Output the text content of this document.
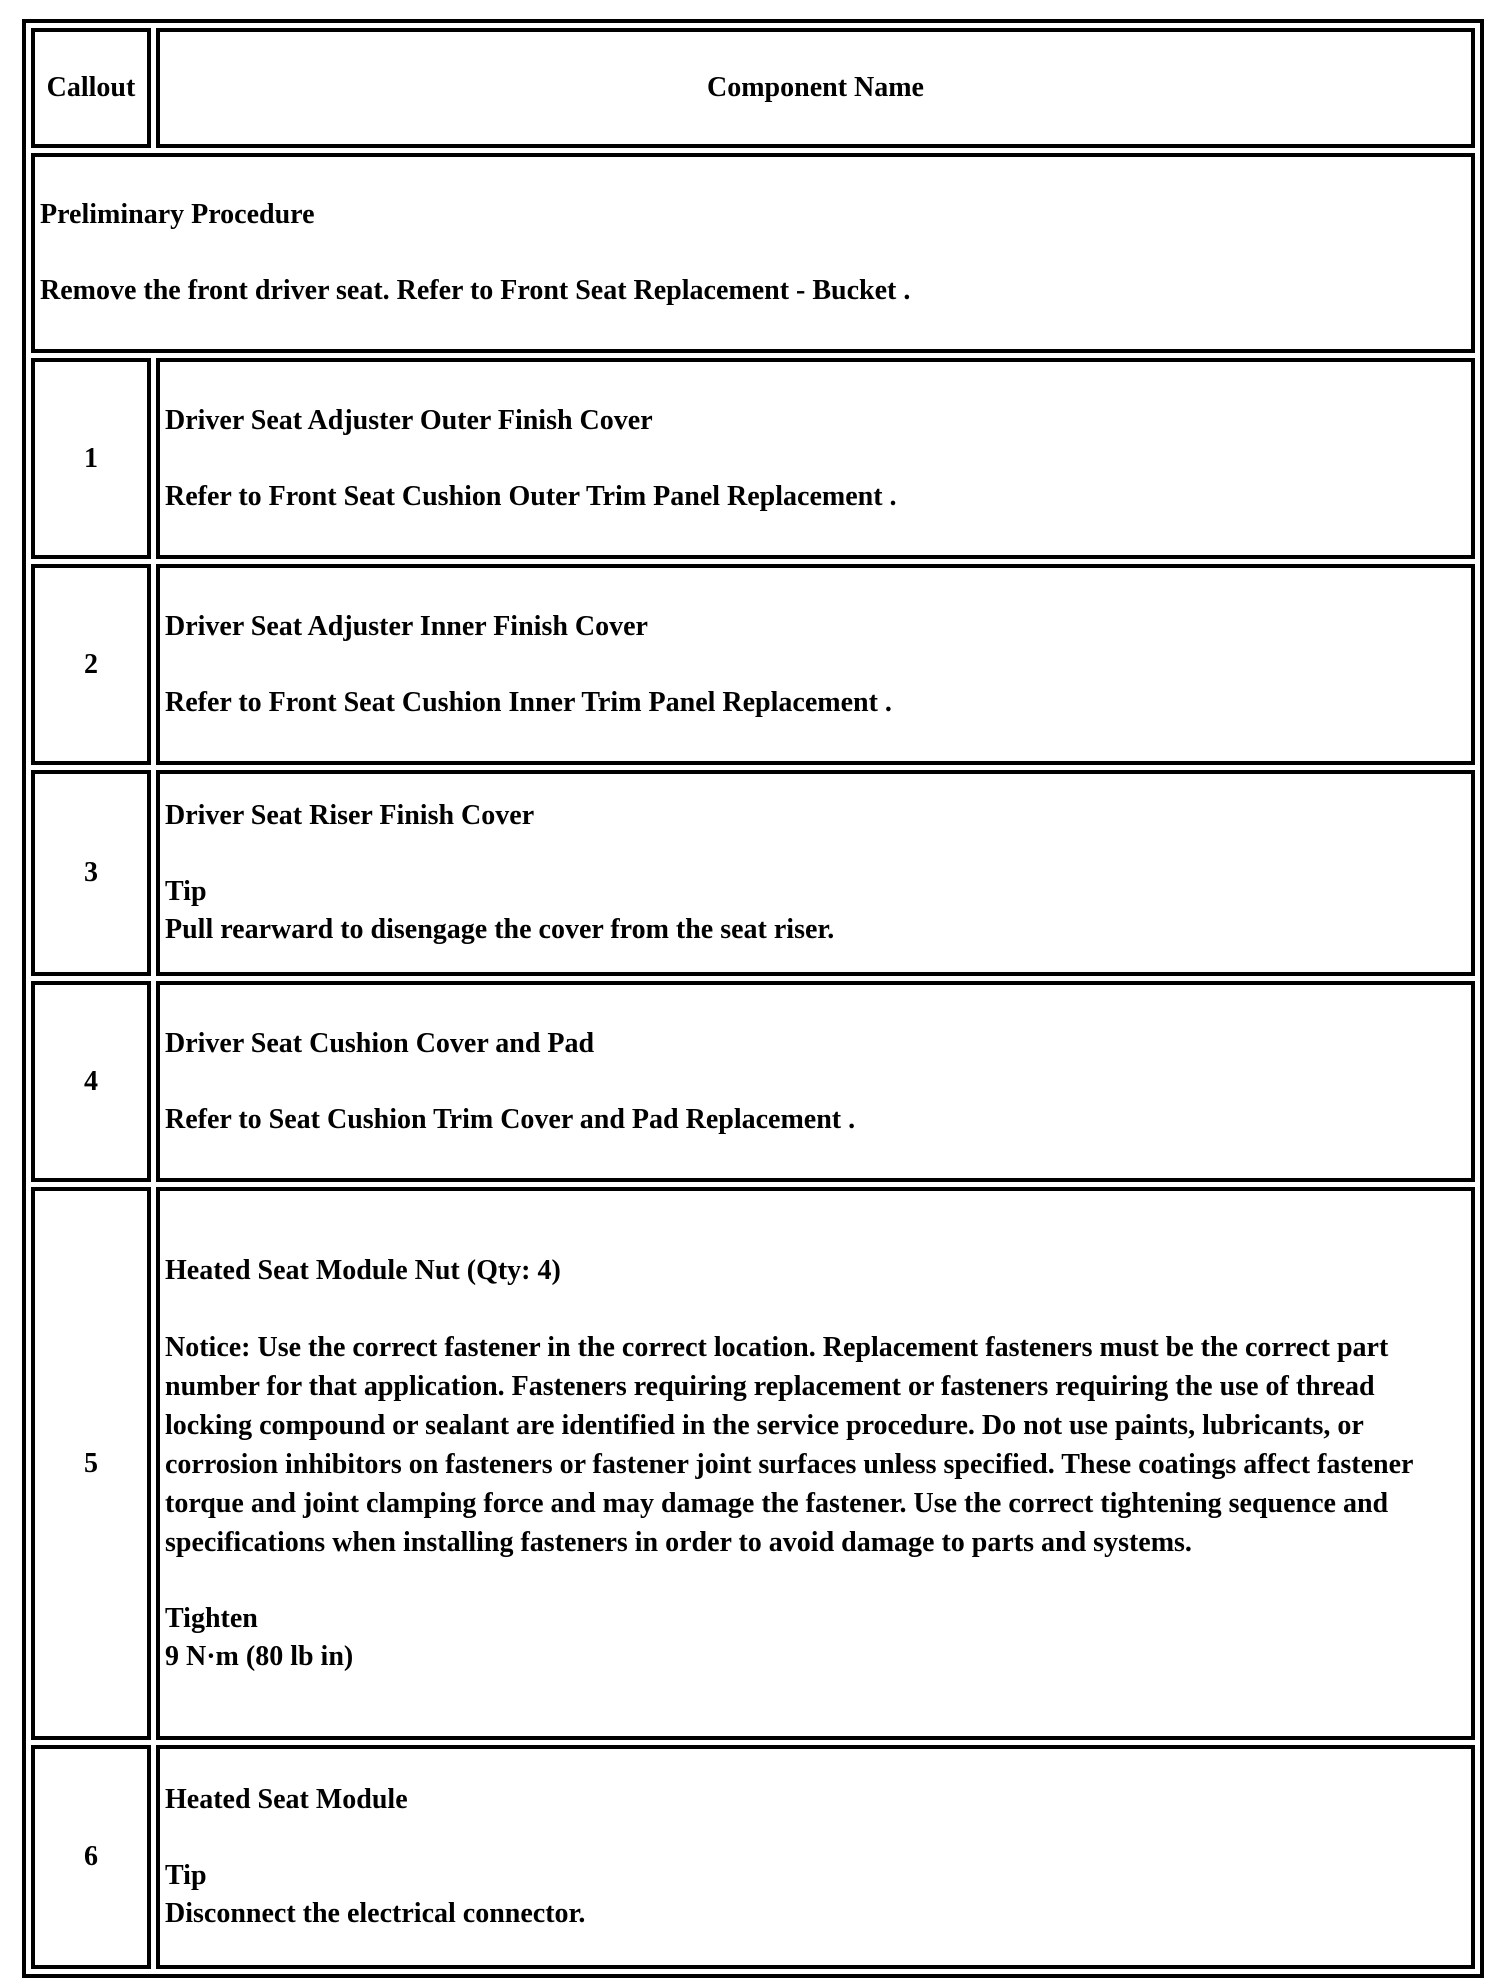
Callout	Component Name

Preliminary Procedure

Remove the front driver seat. Refer to Front Seat Replacement - Bucket .	

1	Driver Seat Adjuster Outer Finish Cover

Refer to Front Seat Cushion Outer Trim Panel Replacement .

2	Driver Seat Adjuster Inner Finish Cover

Refer to Front Seat Cushion Inner Trim Panel Replacement .

3	Driver Seat Riser Finish Cover

Tip

Pull rearward to disengage the cover from the seat riser.

4	Driver Seat Cushion Cover and Pad

Refer to Seat Cushion Trim Cover and Pad Replacement .

5	Heated Seat Module Nut (Qty: 4)

Notice: Use the correct fastener in the correct location. Replacement fasteners must be the correct part number for that application. Fasteners requiring replacement or fasteners requiring the use of thread locking compound or sealant are identified in the service procedure. Do not use paints, lubricants, or corrosion inhibitors on fasteners or fastener joint surfaces unless specified. These coatings affect fastener torque and joint clamping force and may damage the fastener. Use the correct tightening sequence and specifications when installing fasteners in order to avoid damage to parts and systems.

Tighten

9 N·m (80 lb in)

6	Heated Seat Module

Tip

Disconnect the electrical connector.
